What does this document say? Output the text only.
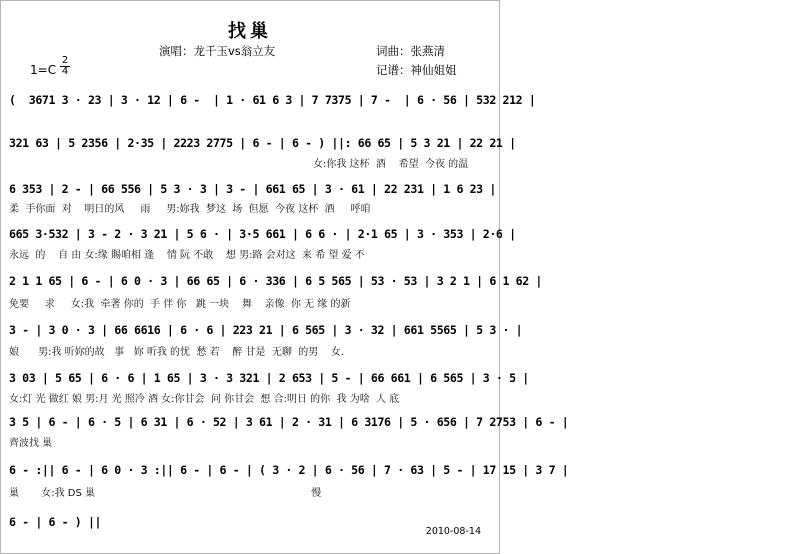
找巢
演唱：龙千玉vs翁立友	词曲：张燕清
记谱：神仙姐姐
1=C
2
4
(  3671 3 · 23 | 3 · 12 | 6 -  | 1 · 61 6 3 | 7 7375 | 7 -  | 6 · 56 | 532 212 |
321 63 | 5 2356 | 2·35 | 2223 2775 | 6 - | 6 - ) ||: 66 65 | 5 3 21 | 22 21 |
女:你我 这杯  酒    希望  今夜 的温
6 353 | 2 - | 66 556 | 5 3 · 3 | 3 - | 661 65 | 3 · 61 | 22 231 | 1 6 23 |
柔  手你面  对    明日的风     雨     男:妳我  梦这  场  但愿  今夜 这杯  酒     呼咱
665 3·532 | 3 - 2 · 3 21 | 5 6 · | 3·5 661 | 6 6 · | 2·1 65 | 3 · 353 | 2·6 |
永远  的    自 由 女:缘 賜咱相 逢    情 阮 不敢    想 男:路 会对这  来 希 望 爱 不
2 1 1 65 | 6 - | 6 0 · 3 | 66 65 | 6 · 336 | 6 5 565 | 53 · 53 | 3 2 1 | 6 1 62 |
免要     求     女:我  牵著 你的  手 伴 你   跳 一块    舞    亲像  你 无 缘 的新
3 - | 3 0 · 3 | 66 6616 | 6 · 6 | 223 21 | 6 565 | 3 · 32 | 661 5565 | 5 3 · |
娘      男:我 听妳的故   事   妳 听我 的忧  愁 若    醉 甘是  无聊  的男    女.
3 03 | 5 65 | 6 · 6 | 1 65 | 3 · 3 321 | 2 653 | 5 - | 66 661 | 6 565 | 3 · 5 |
女:灯 光 做红 娘 男:月 光 照冷 酒 女:你甘会  问 你甘会  想 合:明日 的你  我 为啥  人 底
3 5 | 6 - | 6 · 5 | 6 31 | 6 · 52 | 3 61 | 2 · 31 | 6 3176 | 5 · 656 | 7 2753 | 6 - |
齊波找 巢
6 - :|| 6 - | 6 0 · 3 :|| 6 - | 6 - | ( 3 · 2 | 6 · 56 | 7 · 63 | 5 - | 17 15 | 3 7 |
巢       女:我 DS 巢                                                                    慢
6 - | 6 - ) ||
2010-08-14
